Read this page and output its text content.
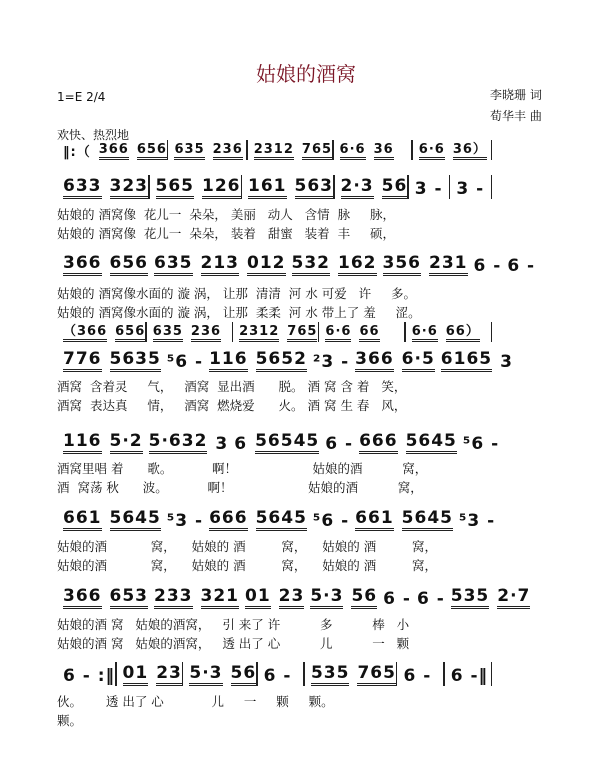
姑娘的酒窝
1=E 2/4	李晓珊 词
荀华丰 曲
欢快、热烈地
‖:（ 366 656 635 236 2312 765 6·6 36 6·6 36）
633 323 565 126 161 563 2·3 56 3 - 3 -
366 656 635 213 012 532 162 356 231 6 - 6 -
（366 656 635 236 2312 765 6·6 66 6·6 66）
776 5635 ⁵6 - 116 5652 ²3 - 366 6·5 6165 3
116 5·2 5·632 3 6 56545 6 - 666 5645 ⁵6 -
661 5645 ⁵3 - 666 5645 ⁵6 - 661 5645 ⁵3 -
366 653 233 321 01 23 5·3 56 6 - 6 - 535 2·7
6 - :‖ 01 23 5·3 56 6 - 535 765 6 - 6 -‖
姑娘的 酒窝像  花儿一  朵朵， 美丽   动人   含情  脉     脉，
姑娘的 酒窝像  花儿一  朵朵， 装着   甜蜜   装着  丰     硕，
姑娘的 酒窝像水面的 漩 涡， 让那  清清  河 水 可爱   许     多。
姑娘的 酒窝像水面的 漩 涡， 让那  柔柔  河 水 带上了 羞     涩。
酒窝  含着灵     气，   酒窝  显出酒      脱。 酒 窝 含 着   笑，
酒窝  表达真     情，   酒窝  燃烧爱      火。 酒 窝 生 春   风，
酒窝里唱 着      歌。          啊！                   姑娘的酒          窝，
酒  窝荡 秋      波。          啊！                   姑娘的酒          窝，
姑娘的酒           窝，    姑娘的 酒         窝，    姑娘的 酒         窝，
姑娘的酒           窝，    姑娘的 酒         窝，    姑娘的 酒         窝，
姑娘的酒 窝   姑娘的酒窝，   引 来了 许          多          棒   小
姑娘的酒 窝   姑娘的酒窝，   透 出了 心          儿          一   颗
伙。      透 出了 心            儿     一     颗     颗。
颗。
